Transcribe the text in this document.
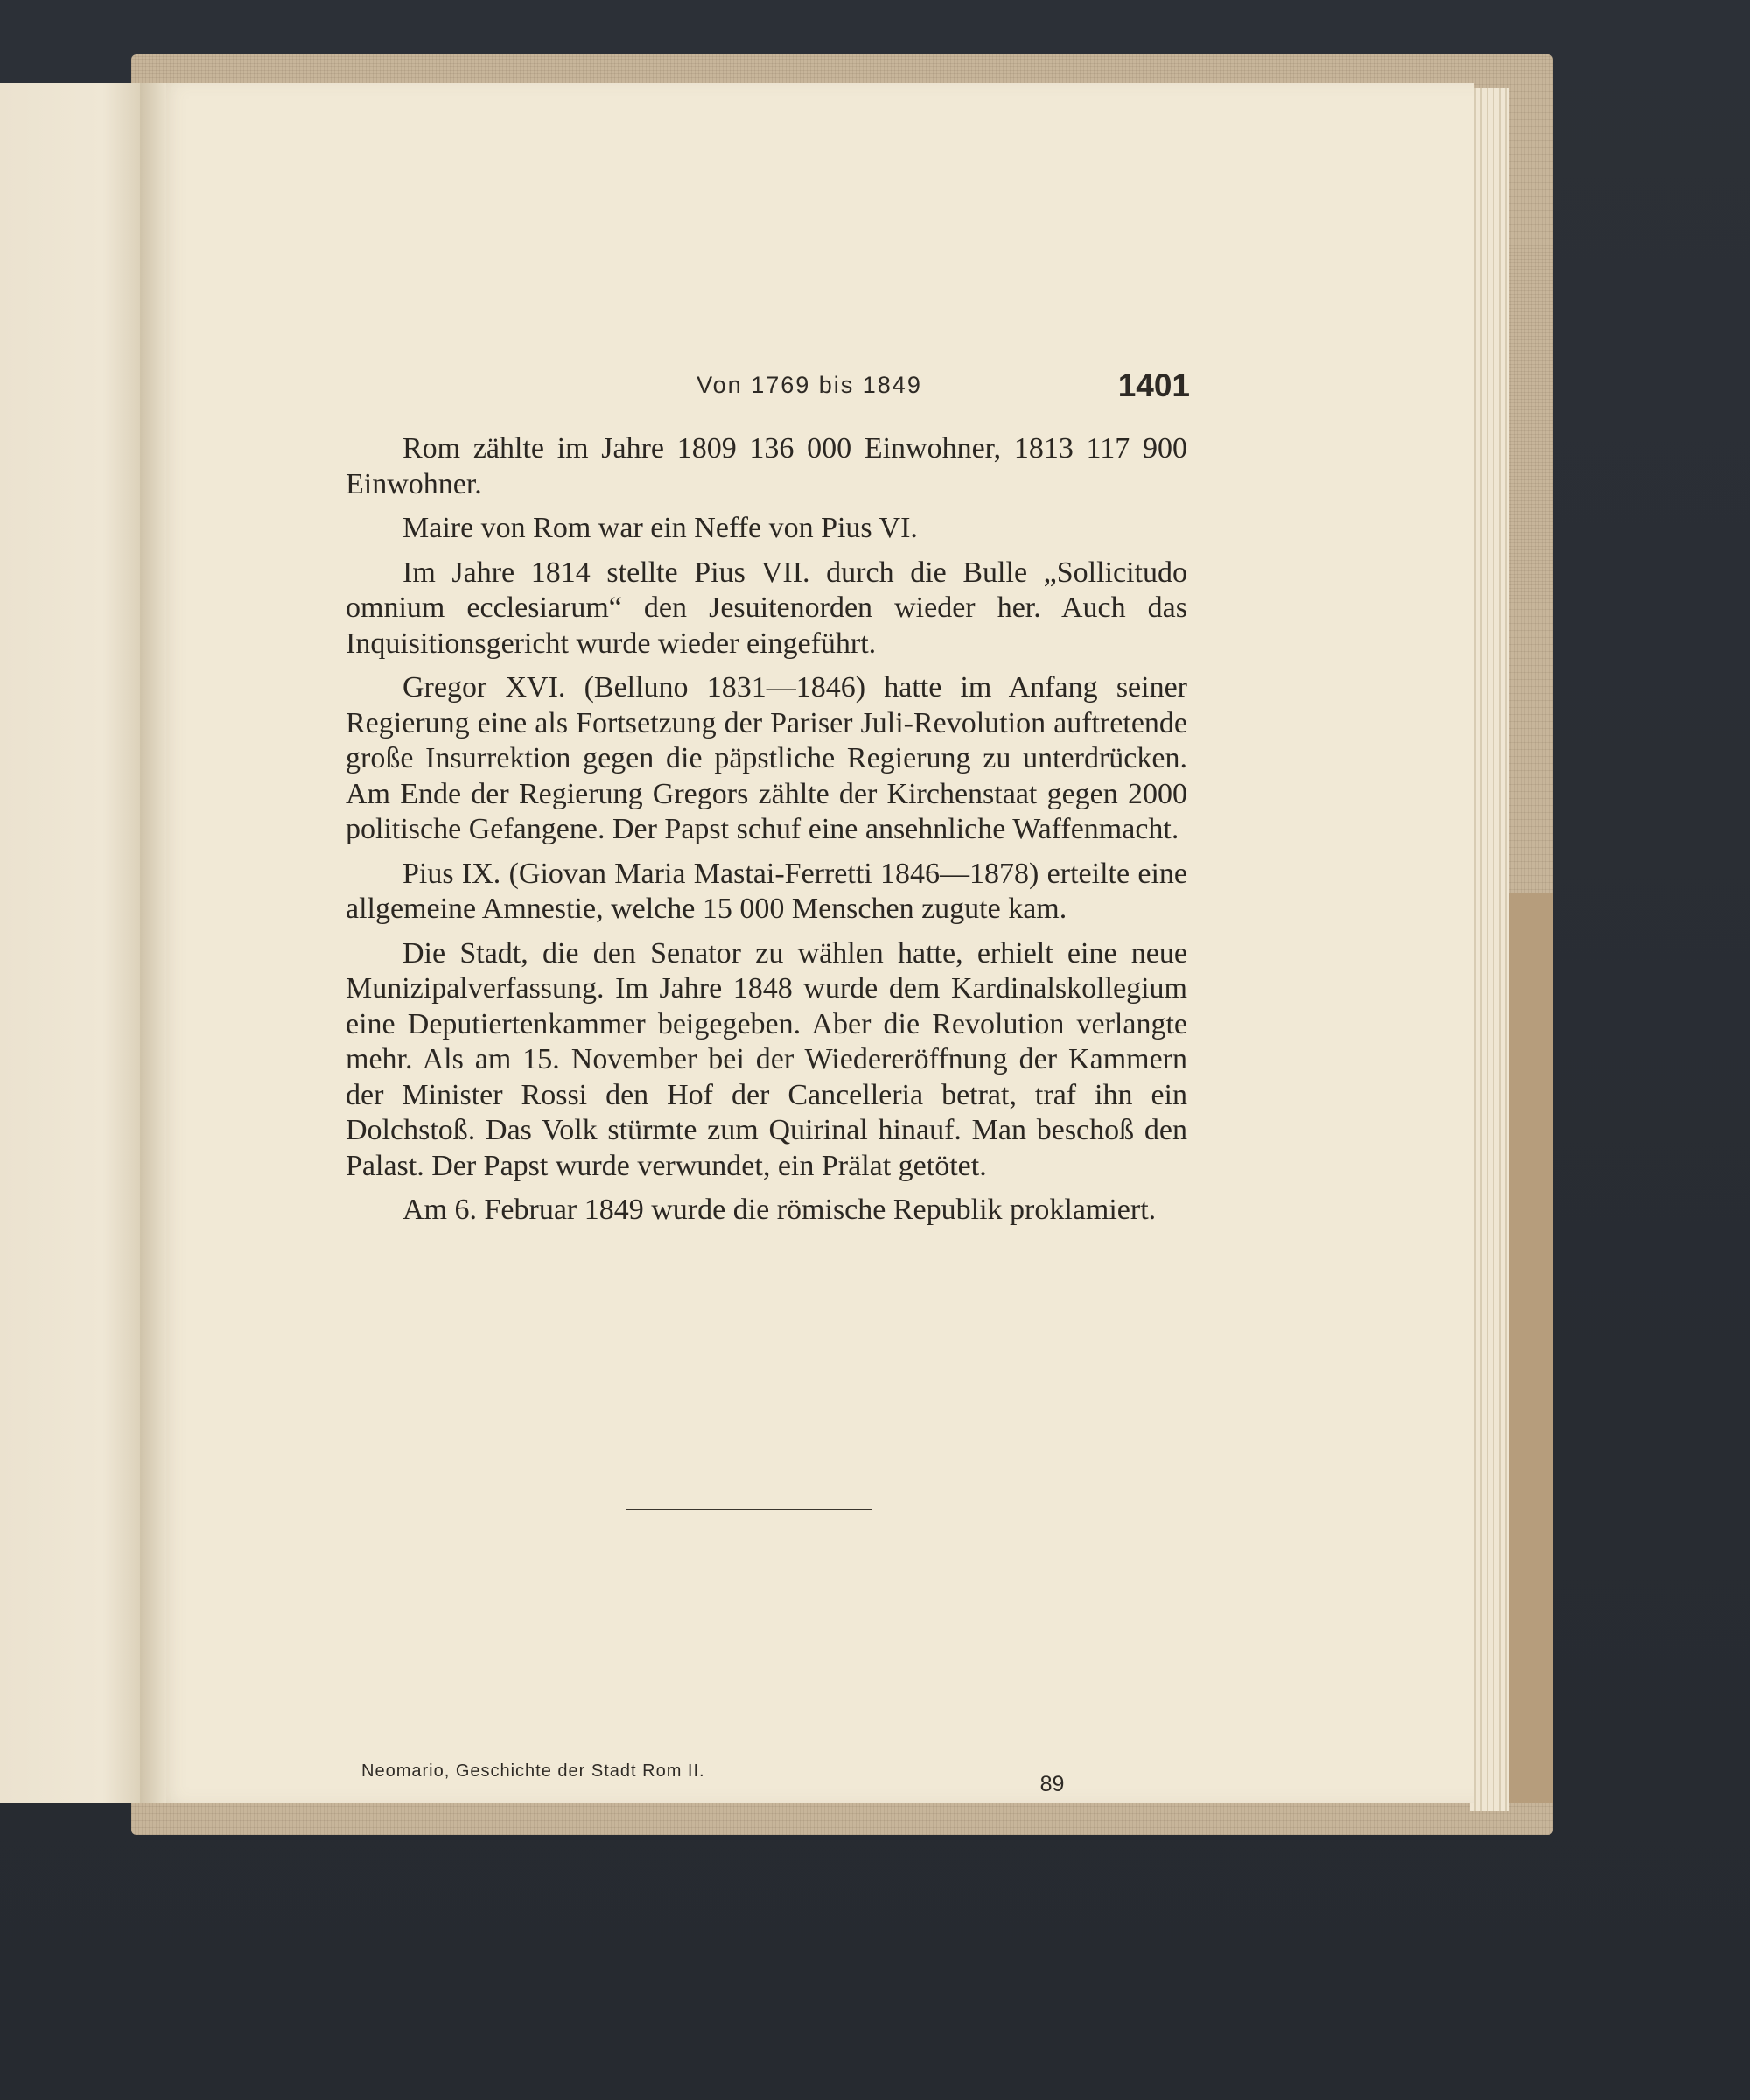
Von 1769 bis 1849	1401

Rom zählte im Jahre 1809 136 000 Einwohner, 1813 117 900 Einwohner.

Maire von Rom war ein Neffe von Pius VI.

Im Jahre 1814 stellte Pius VII. durch die Bulle „Sollicitudo omnium ecclesiarum“ den Jesuitenorden wieder her. Auch das Inquisitionsgericht wurde wieder eingeführt.

Gregor XVI. (Belluno 1831—1846) hatte im Anfang seiner Regierung eine als Fortsetzung der Pariser Juli-Revolution auftretende große Insurrektion gegen die päpstliche Regierung zu unterdrücken. Am Ende der Regierung Gregors zählte der Kirchenstaat gegen 2000 politische Gefangene. Der Papst schuf eine ansehnliche Waffenmacht.

Pius IX. (Giovan Maria Mastai-Ferretti 1846—1878) erteilte eine allgemeine Amnestie, welche 15 000 Menschen zugute kam.

Die Stadt, die den Senator zu wählen hatte, erhielt eine neue Munizipalverfassung. Im Jahre 1848 wurde dem Kardinalskollegium eine Deputiertenkammer beigegeben. Aber die Revolution verlangte mehr. Als am 15. November bei der Wiedereröffnung der Kammern der Minister Rossi den Hof der Cancelleria betrat, traf ihn ein Dolchstoß. Das Volk stürmte zum Quirinal hinauf. Man beschoß den Palast. Der Papst wurde verwundet, ein Prälat getötet.

Am 6. Februar 1849 wurde die römische Republik proklamiert.

Neomario, Geschichte der Stadt Rom II.
89
